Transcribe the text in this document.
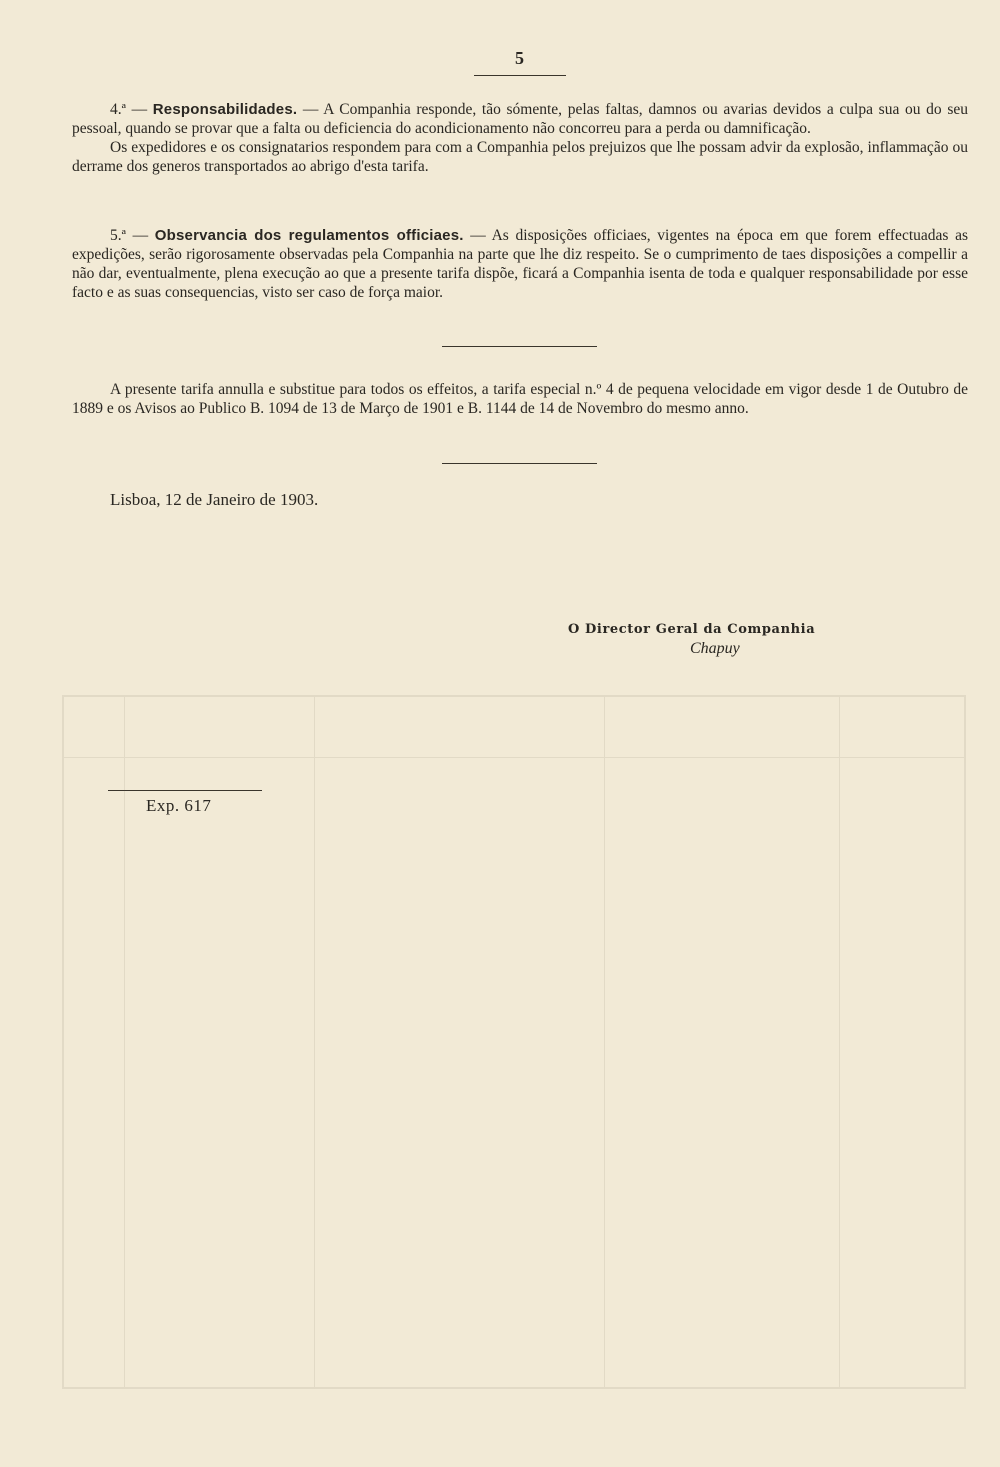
5

4.ª — Responsabilidades. — A Companhia responde, tão sómente, pelas faltas, damnos ou avarias devidos a culpa sua ou do seu pessoal, quando se provar que a falta ou deficiencia do acondicionamento não concorreu para a perda ou damnificação.

Os expedidores e os consignatarios respondem para com a Companhia pelos prejuizos que lhe possam advir da explosão, inflammação ou derrame dos generos transportados ao abrigo d'esta tarifa.

5.ª — Observancia dos regulamentos officiaes. — As disposições officiaes, vigentes na época em que forem effectuadas as expedições, serão rigorosamente observadas pela Companhia na parte que lhe diz respeito. Se o cumprimento de taes disposições a compellir a não dar, eventualmente, plena execução ao que a presente tarifa dispõe, ficará a Companhia isenta de toda e qualquer responsabilidade por esse facto e as suas consequencias, visto ser caso de força maior.

A presente tarifa annulla e substitue para todos os effeitos, a tarifa especial n.º 4 de pequena velocidade em vigor desde 1 de Outubro de 1889 e os Avisos ao Publico B. 1094 de 13 de Março de 1901 e B. 1144 de 14 de Novembro do mesmo anno.

Lisboa, 12 de Janeiro de 1903.
O Director Geral da Companhia
Chapuy
Exp. 617
